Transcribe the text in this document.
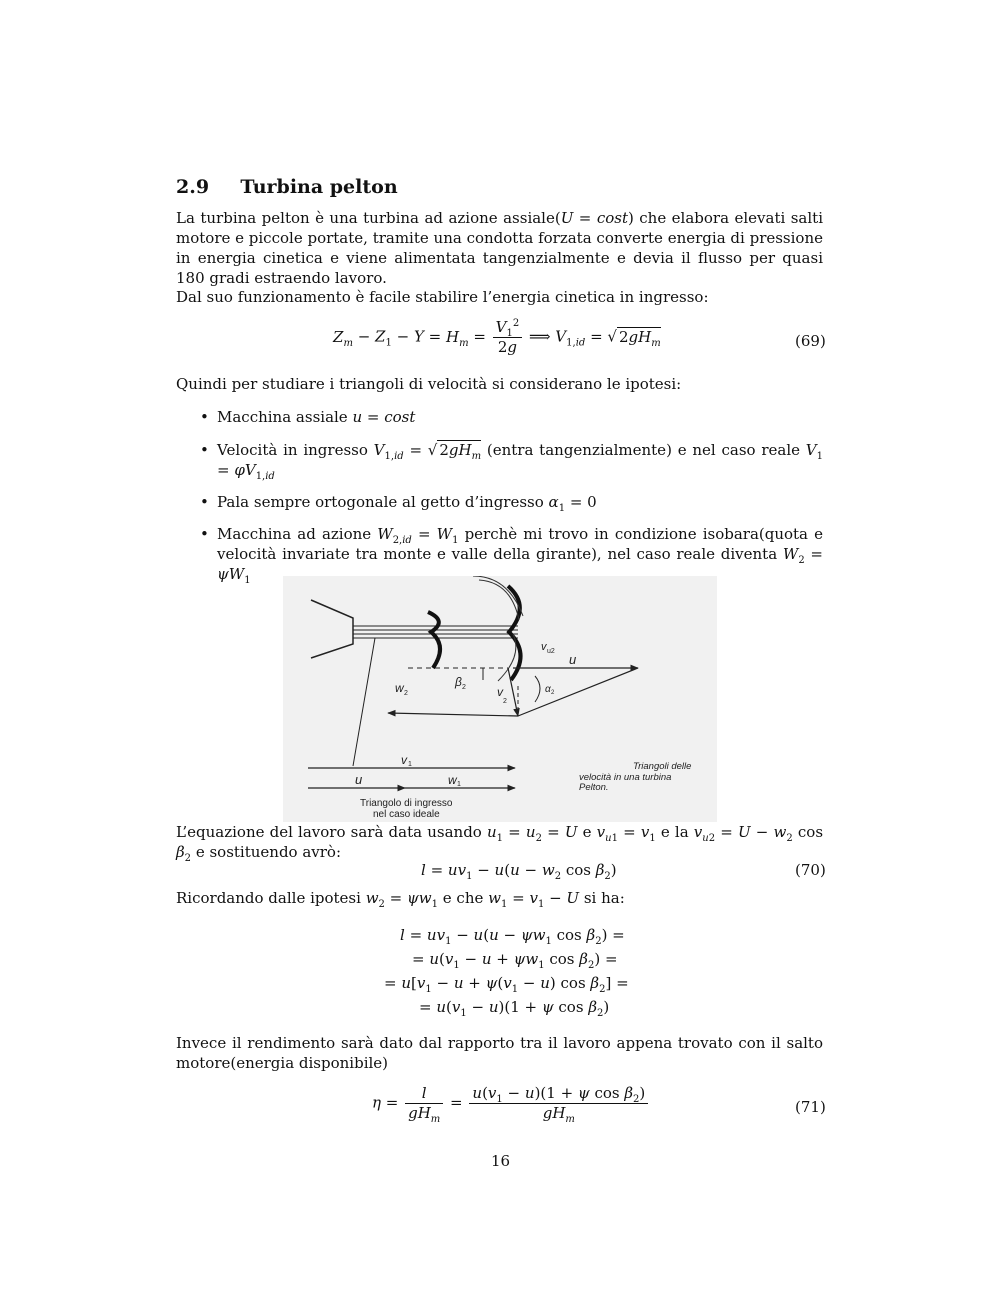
2.9 Turbina pelton
La turbina pelton è una turbina ad azione assiale(U = cost) che elabora elevati salti motore e piccole portate, tramite una condotta forzata converte energia di pressione in energia cinetica e viene alimentata tangenzialmente e devia il flusso per quasi 180 gradi estraendo lavoro.
Dal suo funzionamento è facile stabilire l’energia cinetica in ingresso:
$Z_m - Z_1 - Y = H_m = \frac{V_1^2}{2g}$ ⟹ $V_{1,id}$ = √ $2gH_m$	(69)
Quindi per studiare i triangoli di velocità si considerano le ipotesi:
• Macchina assiale u = cost
• Velocità in ingresso $V_{1,id}$ = √ $2gH_m$ (entra tangenzialmente) e nel caso reale $V_1 = \varphi V_{1,id}$
• Pala sempre ortogonale al getto d’ingresso $\alpha_1 = 0$
• Macchina ad azione $W_{2,id} = W_1$ perchè mi trovo in condizione isobara(quota e velocità invariate tra monte e valle della girante), nel caso reale diventa $W_2 = \psi W_1$
v u2
u
β 2
w 2	v
2
α 2
v 1
u	w 1
Triangolo di ingresso
nel caso ideale
Triangoli delle
velocità in una turbina
Pelton.
L’equazione del lavoro sarà data usando $u_1 = u_2 = U$ e $v_{u1} = v_1$ e la $v_{u2} = U - w_2$ $\cos \beta_2$ e sostituendo avrò:
$l = uv_1 - u(u - w_2$ $\cos \beta_2$)	(70)
Ricordando dalle ipotesi $w_2 = \psi w_1$ e che $w_1 = v_1 - U$ si ha:
$l = uv_1 - u(u - \psi w_1$ $\cos \beta_2$) =
= $u(v_1 - u + \psi w_1$ $\cos \beta_2$) =
= $u[v_1 - u + \psi(v_1 - u)$ $\cos \beta_2$] =
= $u(v_1 - u)(1 + \psi$ $\cos \beta_2$)
Invece il rendimento sarà dato dal rapporto tra il lavoro appena trovato con il salto motore(energia disponibile)
$\eta = \frac{l}{gH_m} = \frac{u(v_1 - u)(1 + \psi \cos \beta_2)}{gH_m}$	(71)
16
